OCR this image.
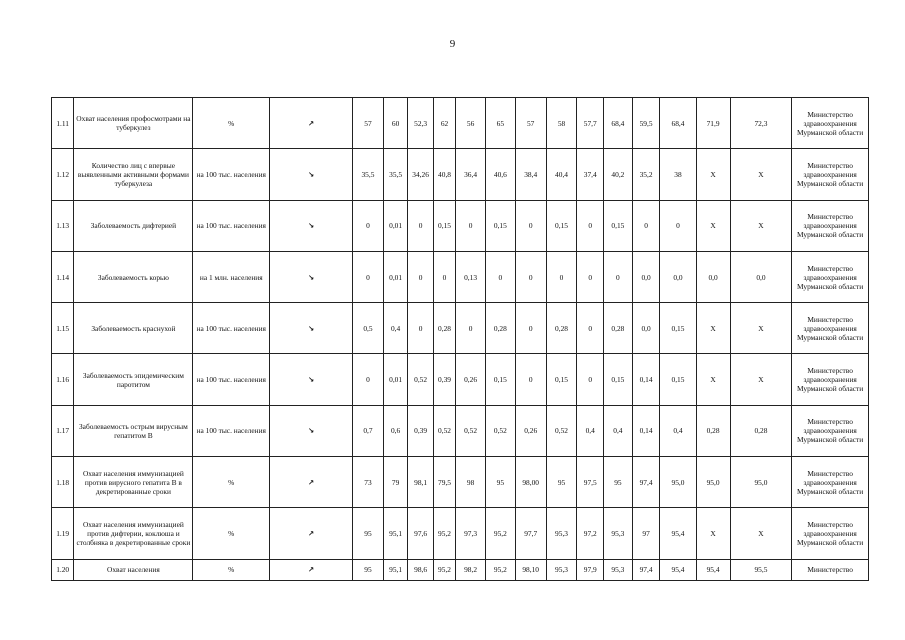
9
1.11	Охват населения профосмотрами на туберкулез	%	↗	57	60	52,3	62	56	65	57	58	57,7	68,4	59,5	68,4	71,9	72,3	Министерство здравоохранения Мурманской области
1.12	Количество лиц с впервые выявленными активными формами туберкулеза	на 100 тыс. населения	↘	35,5	35,5	34,26	40,8	36,4	40,6	38,4	40,4	37,4	40,2	35,2	38	Х	Х	Министерство здравоохранения Мурманской области
1.13	Заболеваемость дифтерией	на 100 тыс. населения	↘	0	0,01	0	0,15	0	0,15	0	0,15	0	0,15	0	0	Х	Х	Министерство здравоохранения Мурманской области
1.14	Заболеваемость корью	на 1 млн. населения	↘	0	0,01	0	0	0,13	0	0	0	0	0	0,0	0,0	0,0	0,0	Министерство здравоохранения Мурманской области
1.15	Заболеваемость краснухой	на 100 тыс. населения	↘	0,5	0,4	0	0,28	0	0,28	0	0,28	0	0,28	0,0	0,15	Х	Х	Министерство здравоохранения Мурманской области
1.16	Заболеваемость эпидемическим паротитом	на 100 тыс. населения	↘	0	0,01	0,52	0,39	0,26	0,15	0	0,15	0	0,15	0,14	0,15	Х	Х	Министерство здравоохранения Мурманской области
1.17	Заболеваемость острым вирусным гепатитом В	на 100 тыс. населения	↘	0,7	0,6	0,39	0,52	0,52	0,52	0,26	0,52	0,4	0,4	0,14	0,4	0,28	0,28	Министерство здравоохранения Мурманской области
1.18	Охват населения иммунизацией против вирусного гепатита В в декретированные сроки	%	↗	73	79	98,1	79,5	98	95	98,00	95	97,5	95	97,4	95,0	95,0	95,0	Министерство здравоохранения Мурманской области
1.19	Охват населения иммунизацией против дифтерии, коклюша и столбняка в декретированные сроки	%	↗	95	95,1	97,6	95,2	97,3	95,2	97,7	95,3	97,2	95,3	97	95,4	Х	Х	Министерство здравоохранения Мурманской области
1.20	Охват населения	%	↗	95	95,1	98,6	95,2	98,2	95,2	98,10	95,3	97,9	95,3	97,4	95,4	95,4	95,5	Министерство
